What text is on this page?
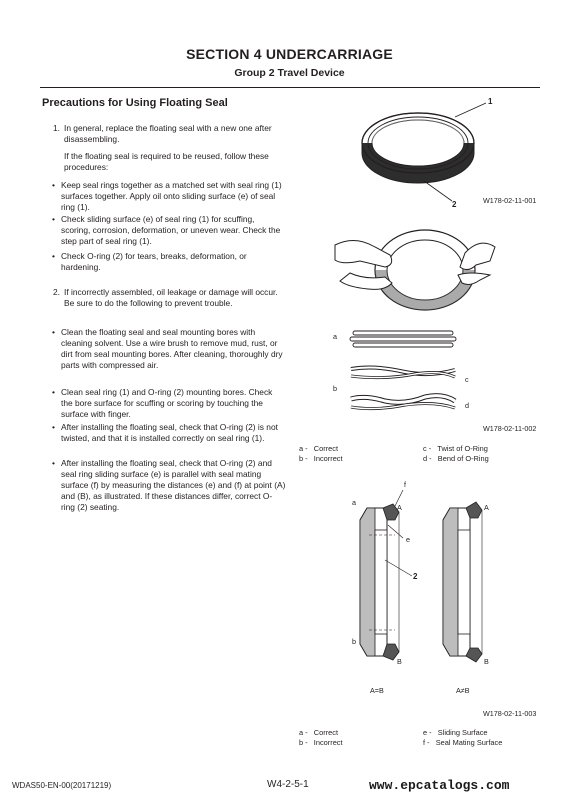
SECTION 4 UNDERCARRIAGE
Group 2 Travel Device
Precautions for Using Floating Seal
1. In general, replace the floating seal with a new one after disassembling.
If the floating seal is required to be reused, follow these procedures:
• Keep seal rings together as a matched set with seal ring (1) surfaces together. Apply oil onto sliding surface (e) of seal ring (1).
• Check sliding surface (e) of seal ring (1) for scuffing, scoring, corrosion, deformation, or uneven wear. Check the step part of seal ring (1).
• Check O-ring (2) for tears, breaks, deformation, or hardening.
2. If incorrectly assembled, oil leakage or damage will occur. Be sure to do the following to prevent trouble.
• Clean the floating seal and seal mounting bores with cleaning solvent. Use a wire brush to remove mud, rust, or dirt from seal mounting bores. After cleaning, thoroughly dry parts with compressed air.
• Clean seal ring (1) and O-ring (2) mounting bores. Check the bore surface for scuffing or scoring by touching the surface with finger.
• After installing the floating seal, check that O-ring (2) is not twisted, and that it is installed correctly on seal ring (1).
• After installing the floating seal, check that O-ring (2) and seal ring sliding surface (e) is parallel with seal mating surface (f) by measuring the distances (e) and (f) at point (A) and (B), as illustrated. If these distances differ, correct O-ring (2) seating.
1
2	W178-02-11-001
a
b
c
d
W178-02-11-002
a - Correct
b - Incorrect
c - Twist of O-Ring
d - Bend of O-Ring
a
b
f
e
2
A
B
A
B
A=B	A≠B
W178-02-11-003
a - Correct
b - Incorrect
e - Sliding Surface
f - Seal Mating Surface
WDAS50-EN-00(20171219)	W4-2-5-1	www.epcatalogs.com
